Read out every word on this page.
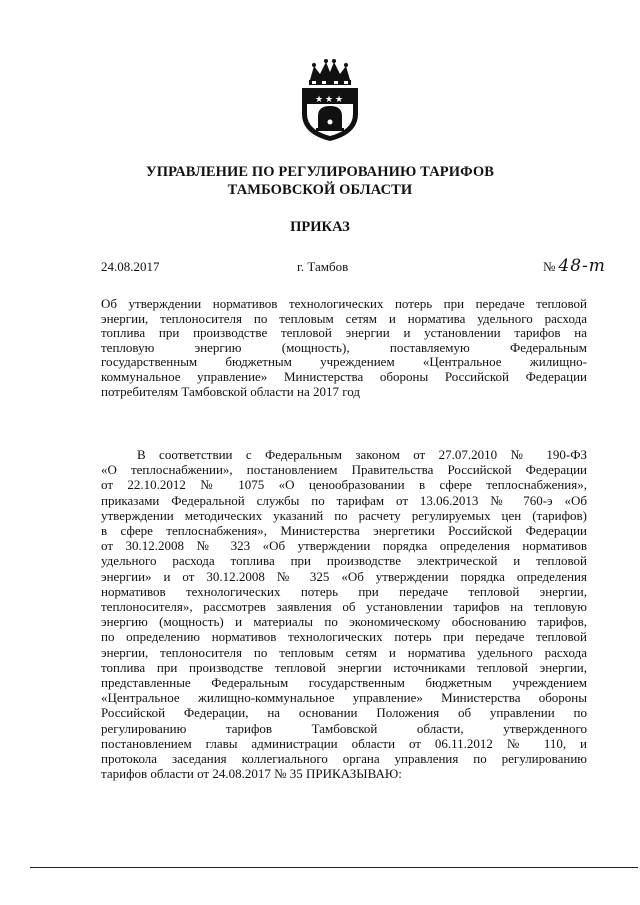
★ ★ ★
УПРАВЛЕНИЕ ПО РЕГУЛИРОВАНИЮ ТАРИФОВ
ТАМБОВСКОЙ ОБЛАСТИ
ПРИКАЗ
24.08.2017	г. Тамбов	№ 48-т
Об утверждении нормативов технологических потерь при передаче тепловой
энергии, теплоносителя по тепловым сетям и норматива удельного расхода
топлива при производстве тепловой энергии и установлении тарифов на
тепловую энергию (мощность), поставляемую Федеральным
государственным бюджетным учреждением «Центральное жилищно-
коммунальное управление» Министерства обороны Российской Федерации
потребителям Тамбовской области на 2017 год
В соответствии с Федеральным законом от 27.07.2010 № 190-ФЗ
«О теплоснабжении», постановлением Правительства Российской Федерации
от 22.10.2012 № 1075 «О ценообразовании в сфере теплоснабжения»,
приказами Федеральной службы по тарифам от 13.06.2013 № 760-э «Об
утверждении методических указаний по расчету регулируемых цен (тарифов)
в сфере теплоснабжения», Министерства энергетики Российской Федерации
от 30.12.2008 № 323 «Об утверждении порядка определения нормативов
удельного расхода топлива при производстве электрической и тепловой
энергии» и от 30.12.2008 № 325 «Об утверждении порядка определения
нормативов технологических потерь при передаче тепловой энергии,
теплоносителя», рассмотрев заявления об установлении тарифов на тепловую
энергию (мощность) и материалы по экономическому обоснованию тарифов,
по определению нормативов технологических потерь при передаче тепловой
энергии, теплоносителя по тепловым сетям и норматива удельного расхода
топлива при производстве тепловой энергии источниками тепловой энергии,
представленные Федеральным государственным бюджетным учреждением
«Центральное жилищно-коммунальное управление» Министерства обороны
Российской Федерации, на основании Положения об управлении по
регулированию тарифов Тамбовской области, утвержденного
постановлением главы администрации области от 06.11.2012 № 110, и
протокола заседания коллегиального органа управления по регулированию
тарифов области от 24.08.2017 № 35 ПРИКАЗЫВАЮ:
